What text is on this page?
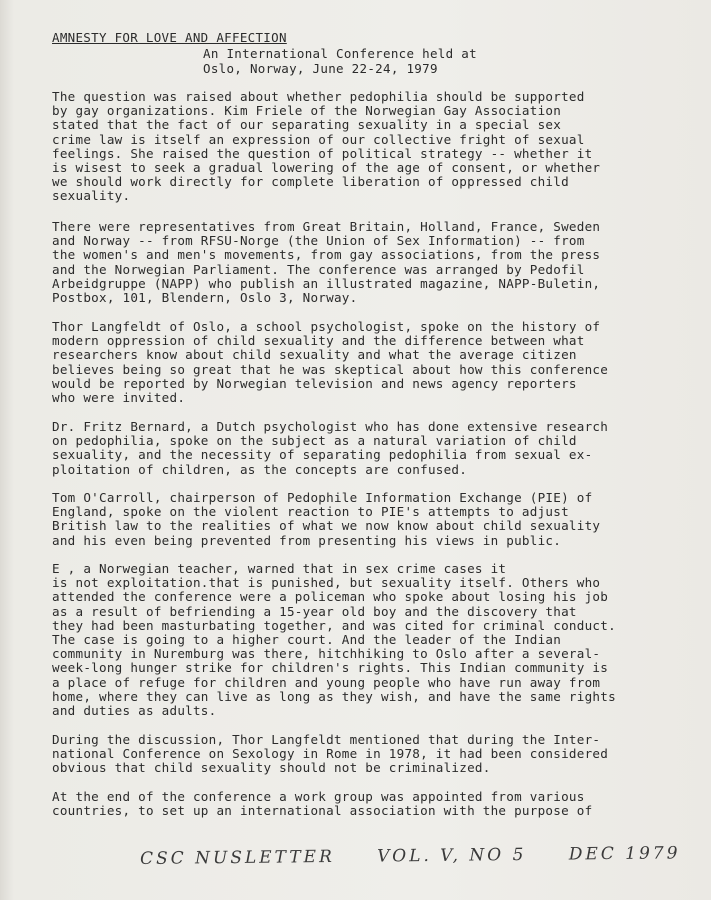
AMNESTY FOR LOVE AND AFFECTION
An International Conference held at
Oslo, Norway, June 22-24, 1979
The question was raised about whether pedophilia should be supported
by gay organizations. Kim Friele of the Norwegian Gay Association
stated that the fact of our separating sexuality in a special sex
crime law is itself an expression of our collective fright of sexual
feelings. She raised the question of political strategy -- whether it
is wisest to seek a gradual lowering of the age of consent, or whether
we should work directly for complete liberation of oppressed child
sexuality.
There were representatives from Great Britain, Holland, France, Sweden
and Norway -- from RFSU-Norge (the Union of Sex Information) -- from
the women's and men's movements, from gay associations, from the press
and the Norwegian Parliament. The conference was arranged by Pedofil
Arbeidgruppe (NAPP) who publish an illustrated magazine, NAPP-Buletin,
Postbox, 101, Blendern, Oslo 3, Norway.
Thor Langfeldt of Oslo, a school psychologist, spoke on the history of
modern oppression of child sexuality and the difference between what
researchers know about child sexuality and what the average citizen
believes being so great that he was skeptical about how this conference
would be reported by Norwegian television and news agency reporters
who were invited.
Dr. Fritz Bernard, a Dutch psychologist who has done extensive research
on pedophilia, spoke on the subject as a natural variation of child
sexuality, and the necessity of separating pedophilia from sexual ex-
ploitation of children, as the concepts are confused.
Tom O'Carroll, chairperson of Pedophile Information Exchange (PIE) of
England, spoke on the violent reaction to PIE's attempts to adjust
British law to the realities of what we now know about child sexuality
and his even being prevented from presenting his views in public.
E , a Norwegian teacher, warned that in sex crime cases it
is not exploitation.that is punished, but sexuality itself. Others who
attended the conference were a policeman who spoke about losing his job
as a result of befriending a 15-year old boy and the discovery that
they had been masturbating together, and was cited for criminal conduct.
The case is going to a higher court. And the leader of the Indian
community in Nuremburg was there, hitchhiking to Oslo after a several-
week-long hunger strike for children's rights. This Indian community is
a place of refuge for children and young people who have run away from
home, where they can live as long as they wish, and have the same rights
and duties as adults.
During the discussion, Thor Langfeldt mentioned that during the Inter-
national Conference on Sexology in Rome in 1978, it had been considered
obvious that child sexuality should not be criminalized.
At the end of the conference a work group was appointed from various
countries, to set up an international association with the purpose of
CSC NUSLETTER VOL. V, NO 5 DEC 1979
